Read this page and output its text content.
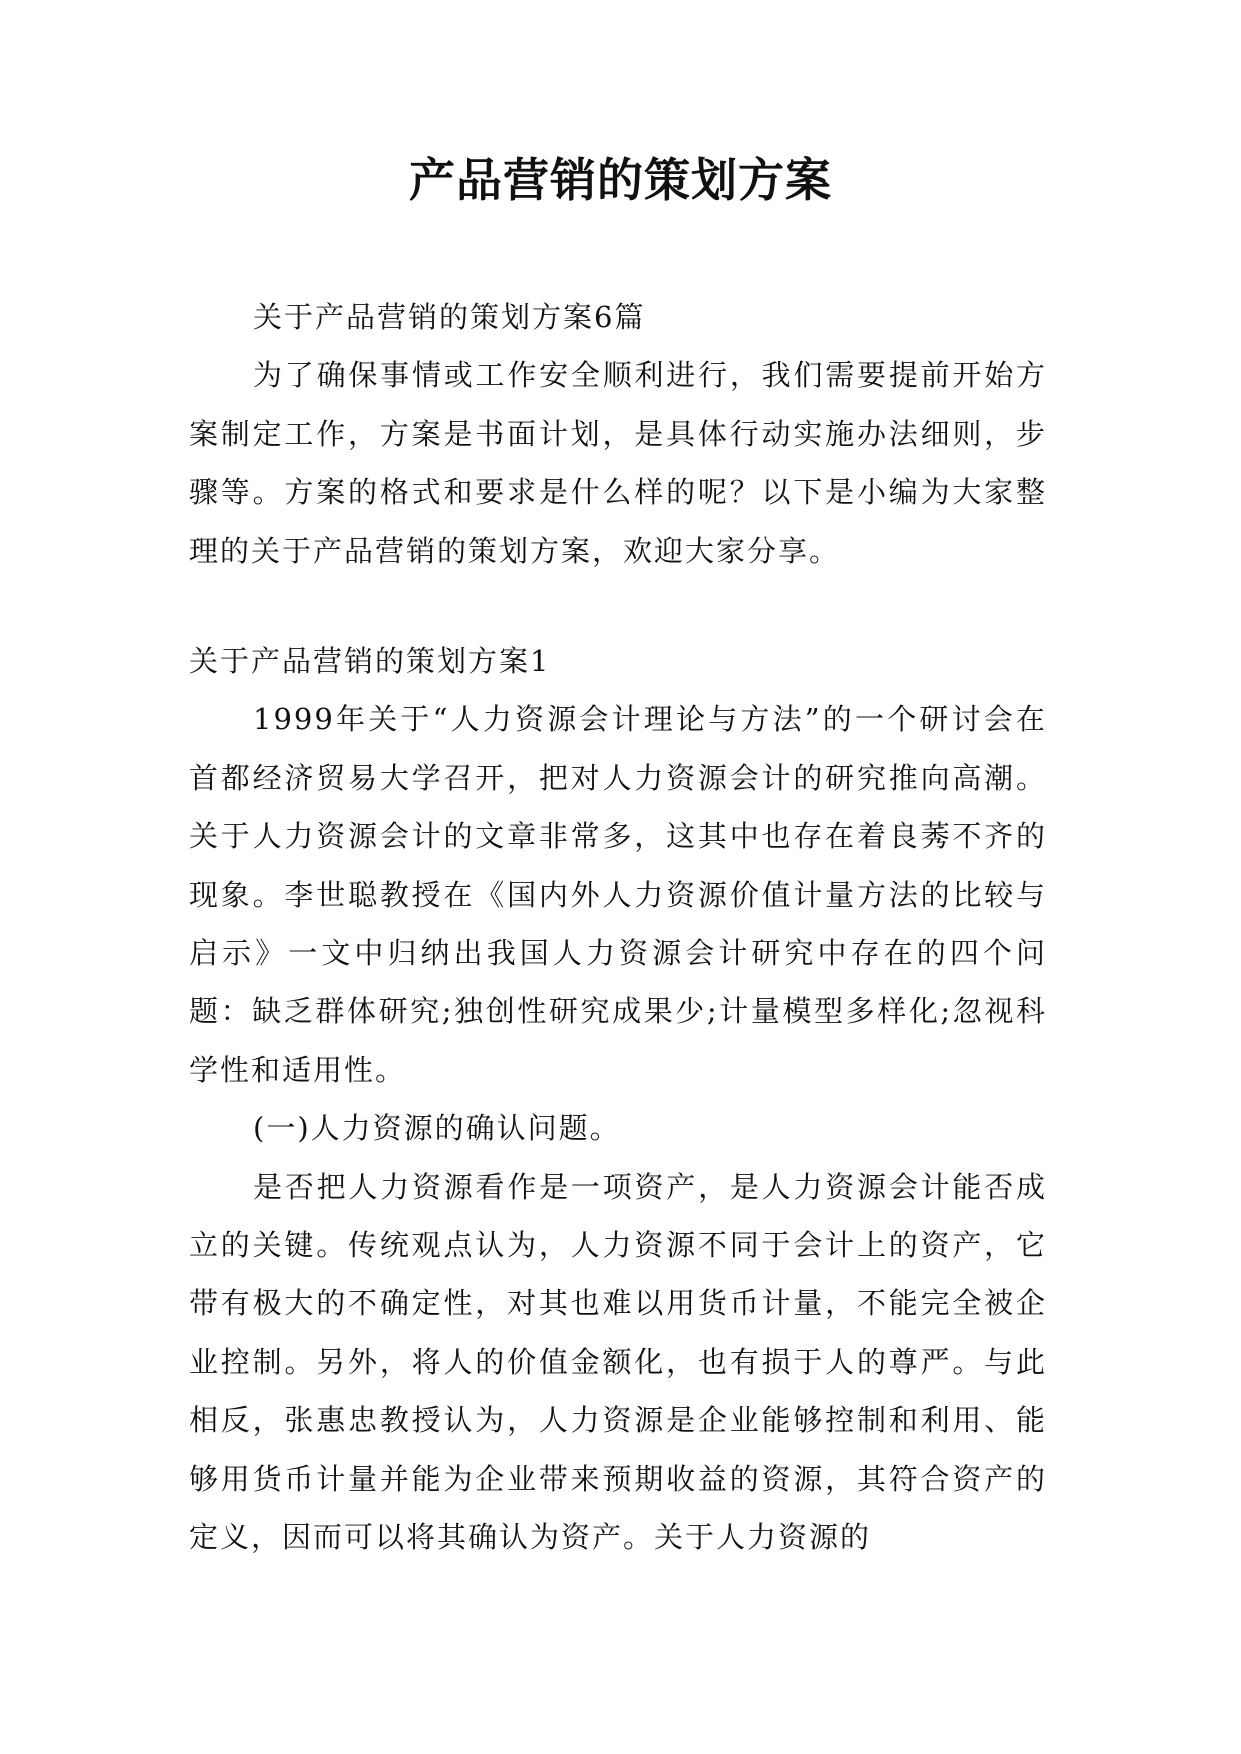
产品营销的策划方案

关于产品营销的策划方案6篇

为了确保事情或工作安全顺利进行，我们需要提前开始方案制定工作，方案是书面计划，是具体行动实施办法细则，步骤等。方案的格式和要求是什么样的呢？以下是小编为大家整理的关于产品营销的策划方案，欢迎大家分享。

关于产品营销的策划方案1

1999年关于“人力资源会计理论与方法”的一个研讨会在首都经济贸易大学召开，把对人力资源会计的研究推向高潮。关于人力资源会计的文章非常多，这其中也存在着良莠不齐的现象。李世聪教授在《国内外人力资源价值计量方法的比较与启示》一文中归纳出我国人力资源会计研究中存在的四个问题：缺乏群体研究;独创性研究成果少;计量模型多样化;忽视科学性和适用性。

(一)人力资源的确认问题。

是否把人力资源看作是一项资产，是人力资源会计能否成立的关键。传统观点认为，人力资源不同于会计上的资产，它带有极大的不确定性，对其也难以用货币计量，不能完全被企业控制。另外，将人的价值金额化，也有损于人的尊严。与此相反，张惠忠教授认为，人力资源是企业能够控制和利用、能够用货币计量并能为企业带来预期收益的资源，其符合资产的定义，因而可以将其确认为资产。关于人力资源的
